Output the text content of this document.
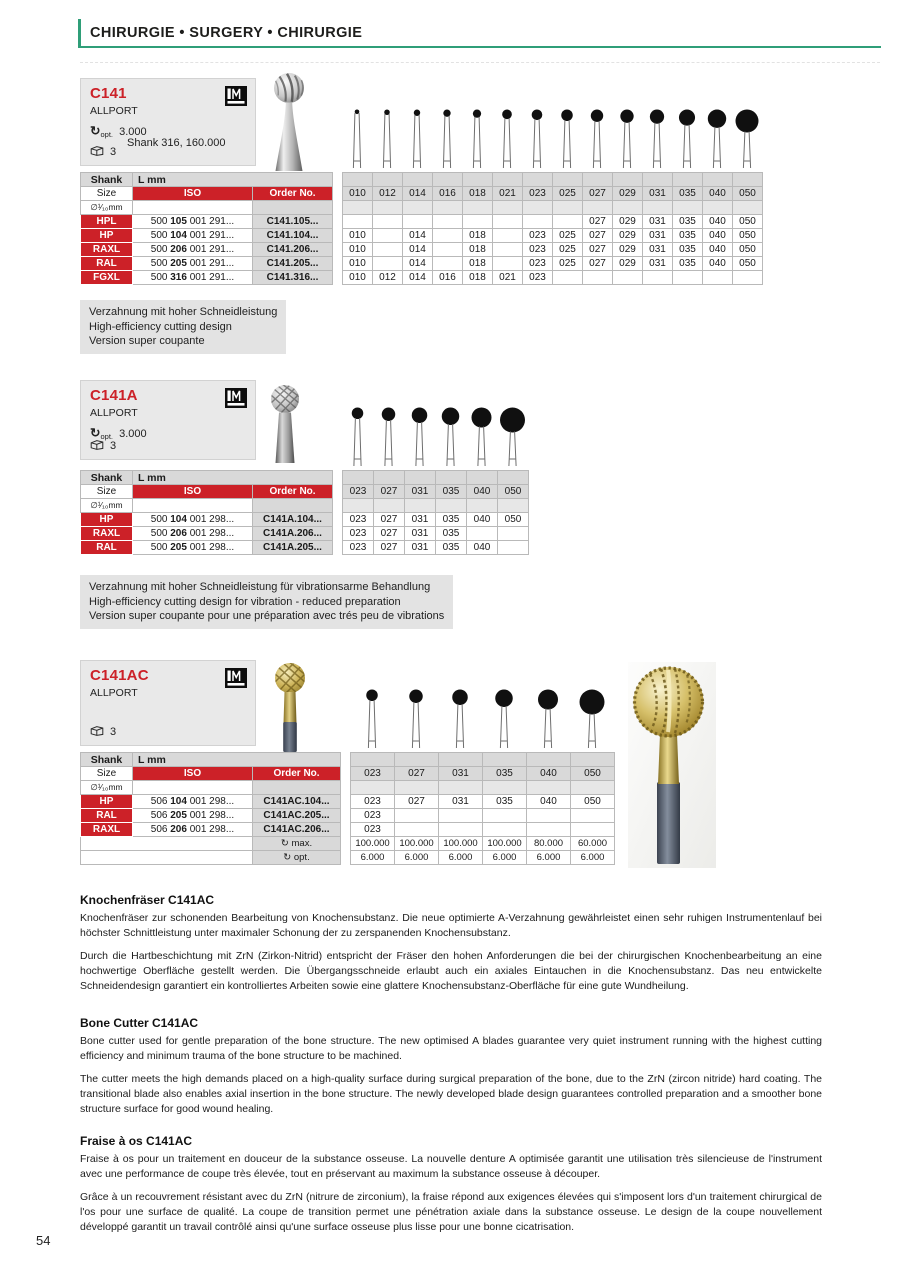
CHIRURGIE • SURGERY • CHIRURGIE
C141
ALLPORT
↻opt. 3.000
Shank 316, 160.000
3
Shank	L mm																
Size	ISO	Order No.		010	012	014	016	018	021	023	025	027	029	031	035	040	050
∅¹⁄₁₀mm																	
HPL	500 105 001 291...	C141.105...										027	029	031	035	040	050
HP	500 104 001 291...	C141.104...		010		014		018		023	025	027	029	031	035	040	050
RAXL	500 206 001 291...	C141.206...		010		014		018		023	025	027	029	031	035	040	050
RAL	500 205 001 291...	C141.205...		010		014		018		023	025	027	029	031	035	040	050
FGXL	500 316 001 291...	C141.316...		010	012	014	016	018	021	023							
Verzahnung mit hoher Schneidleistung
High-efficiency cutting design
Version super coupante
C141A
ALLPORT
↻opt. 3.000
3
Shank	L mm								
Size	ISO	Order No.		023	027	031	035	040	050
∅¹⁄₁₀mm									
HP	500 104 001 298...	C141A.104...		023	027	031	035	040	050
RAXL	500 206 001 298...	C141A.206...		023	027	031	035		
RAL	500 205 001 298...	C141A.205...		023	027	031	035	040	
Verzahnung mit hoher Schneidleistung für vibrationsarme Behandlung
High-efficiency cutting design for vibration - reduced preparation
Version super coupante pour une préparation avec trés peu de vibrations
C141AC
ALLPORT
3
Shank	L mm								
Size	ISO	Order No.		023	027	031	035	040	050
∅¹⁄₁₀mm									
HP	506 104 001 298...	C141AC.104...		023	027	031	035	040	050
RAL	506 205 001 298...	C141AC.205...		023					
RAXL	506 206 001 298...	C141AC.206...		023					
		↻ max.		100.000	100.000	100.000	100.000	80.000	60.000
		↻ opt.		6.000	6.000	6.000	6.000	6.000	6.000
Knochenfräser C141AC

Knochenfräser zur schonenden Bearbeitung von Knochensubstanz. Die neue optimierte A-Verzahnung gewährleistet einen sehr ruhigen Instrumentenlauf bei höchster Schnittleistung unter maximaler Schonung der zu zerspanenden Knochensubstanz.

Durch die Hartbeschichtung mit ZrN (Zirkon-Nitrid) entspricht der Fräser den hohen Anforderungen die bei der chirurgischen Knochenbearbeitung an eine hochwertige Oberfläche gestellt werden. Die Übergangsschneide erlaubt auch ein axiales Eintauchen in die Knochensubstanz. Das neu entwickelte Schneidendesign garantiert ein kontrolliertes Arbeiten sowie eine glattere Knochensubstanz-Oberfläche für eine gute Wundheilung.

Bone Cutter C141AC

Bone cutter used for gentle preparation of the bone structure. The new optimised A blades guarantee very quiet instrument running with the highest cutting efficiency and minimum trauma of the bone structure to be machined.

The cutter meets the high demands placed on a high-quality surface during surgical preparation of the bone, due to the ZrN (zircon nitride) hard coating. The transitional blade also enables axial insertion in the bone structure. The newly developed blade design guarantees controlled preparation and a smoother bone structure surface for good wound healing.

Fraise à os C141AC

Fraise à os pour un traitement en douceur de la substance osseuse. La nouvelle denture A optimisée garantit une utilisation très silencieuse de l'instrument avec une performance de coupe très élevée, tout en préservant au maximum la substance osseuse à découper.

Grâce à un recouvrement résistant avec du ZrN (nitrure de zirconium), la fraise répond aux exigences élevées qui s'imposent lors d'un traitement chirurgical de l'os pour une surface de qualité. La coupe de transition permet une pénétration axiale dans la substance osseuse. Le design de la coupe nouvellement développé garantit un travail contrôlé ainsi qu'une surface osseuse plus lisse pour une bonne cicatrisation.

54
